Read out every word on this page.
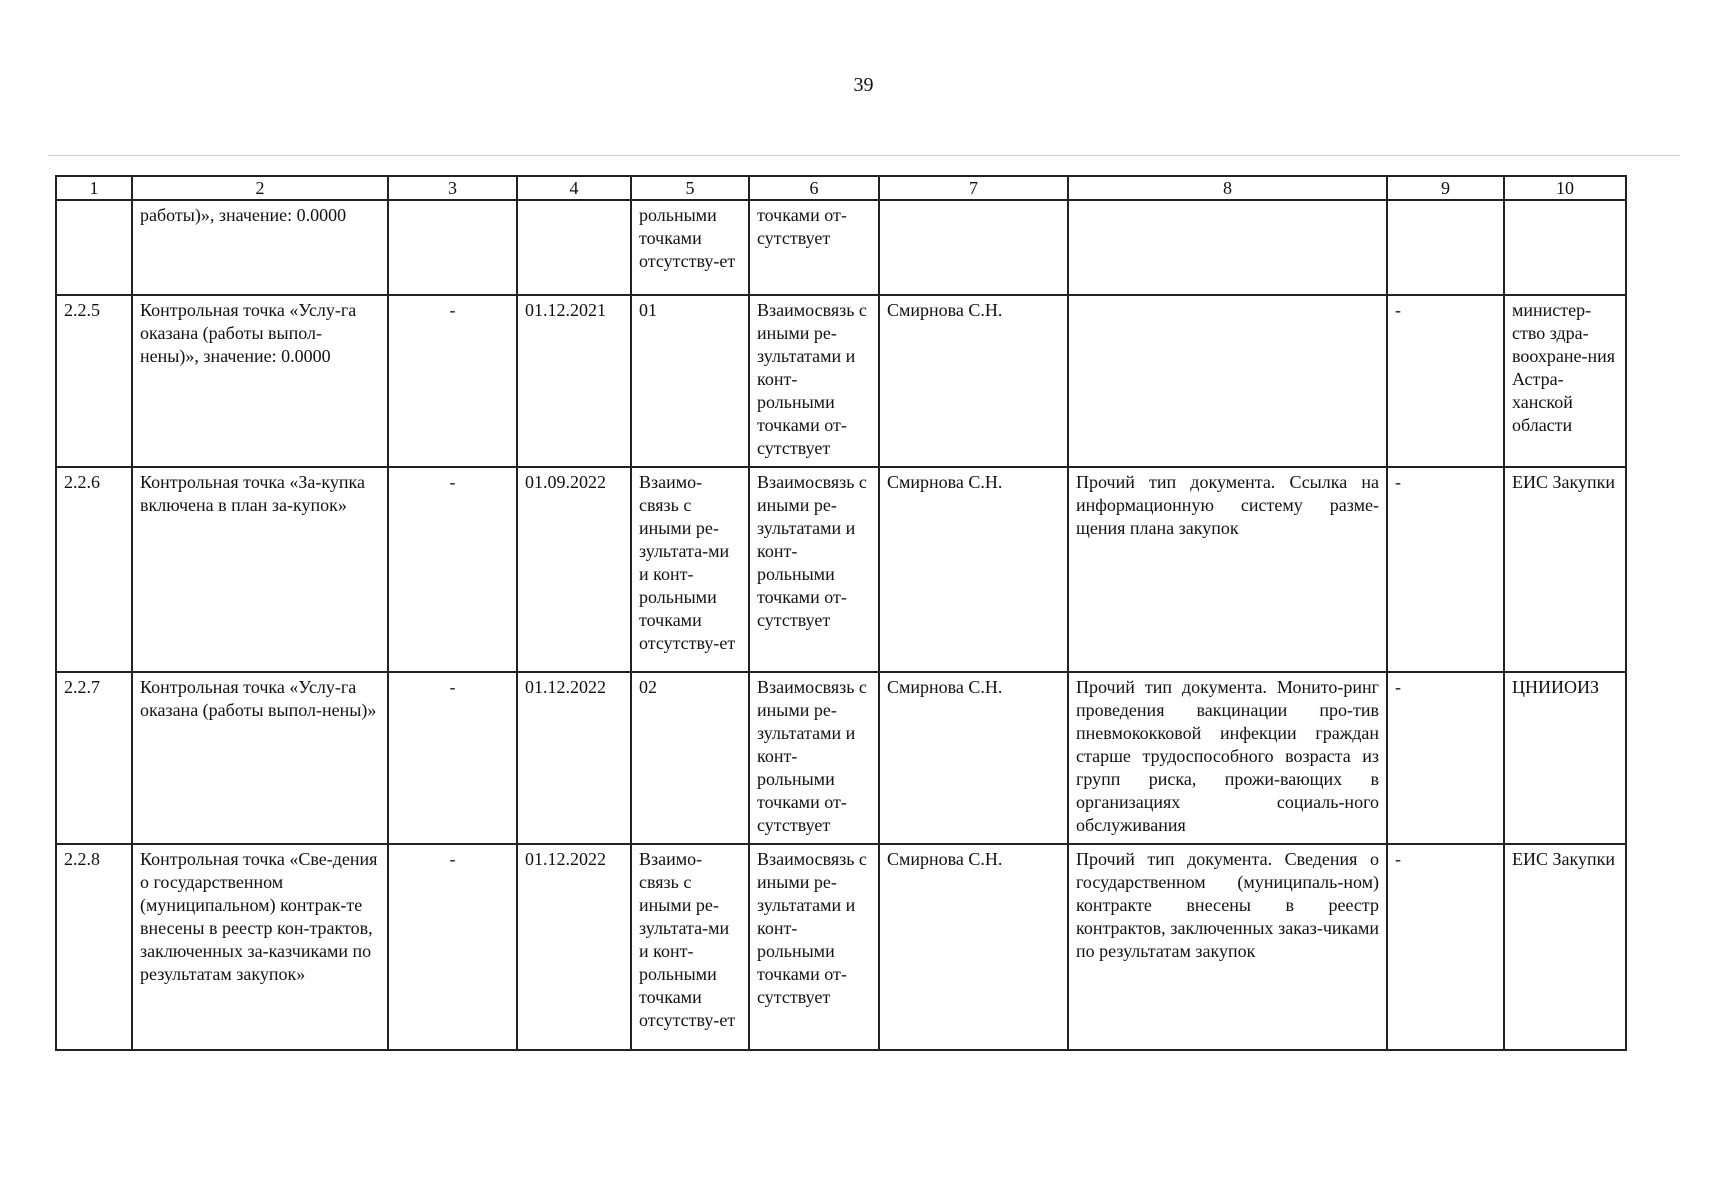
39
1	2	3	4	5	6	7	8	9	10
	работы)», значение: 0.0000			рольными точками отсутству-ет	точками от-сутствует				
2.2.5	Контрольная точка «Услу-га оказана (работы выпол-нены)», значение: 0.0000	-	01.12.2021	01	Взаимосвязь с иными ре-зультатами и конт-рольными точками от-сутствует	Смирнова С.Н.		-	министер-ство здра-воохране-ния Астра-ханской области
2.2.6	Контрольная точка «За-купка включена в план за-купок»	-	01.09.2022	Взаимо-связь с иными ре-зультата-ми и конт-рольными точками отсутству-ет	Взаимосвязь с иными ре-зультатами и конт-рольными точками от-сутствует	Смирнова С.Н.	Прочий тип документа. Ссылка на информационную систему разме-щения плана закупок	-	ЕИС Закупки
2.2.7	Контрольная точка «Услу-га оказана (работы выпол-нены)»	-	01.12.2022	02	Взаимосвязь с иными ре-зультатами и конт-рольными точками от-сутствует	Смирнова С.Н.	Прочий тип документа. Монито-ринг проведения вакцинации про-тив пневмококковой инфекции граждан старше трудоспособного возраста из групп риска, прожи-вающих в организациях социаль-ного обслуживания	-	ЦНИИОИЗ
2.2.8	Контрольная точка «Све-дения о государственном (муниципальном) контрак-те внесены в реестр кон-трактов, заключенных за-казчиками по результатам закупок»	-	01.12.2022	Взаимо-связь с иными ре-зультата-ми и конт-рольными точками отсутству-ет	Взаимосвязь с иными ре-зультатами и конт-рольными точками от-сутствует	Смирнова С.Н.	Прочий тип документа. Сведения о государственном (муниципаль-ном) контракте внесены в реестр контрактов, заключенных заказ-чиками по результатам закупок	-	ЕИС Закупки
